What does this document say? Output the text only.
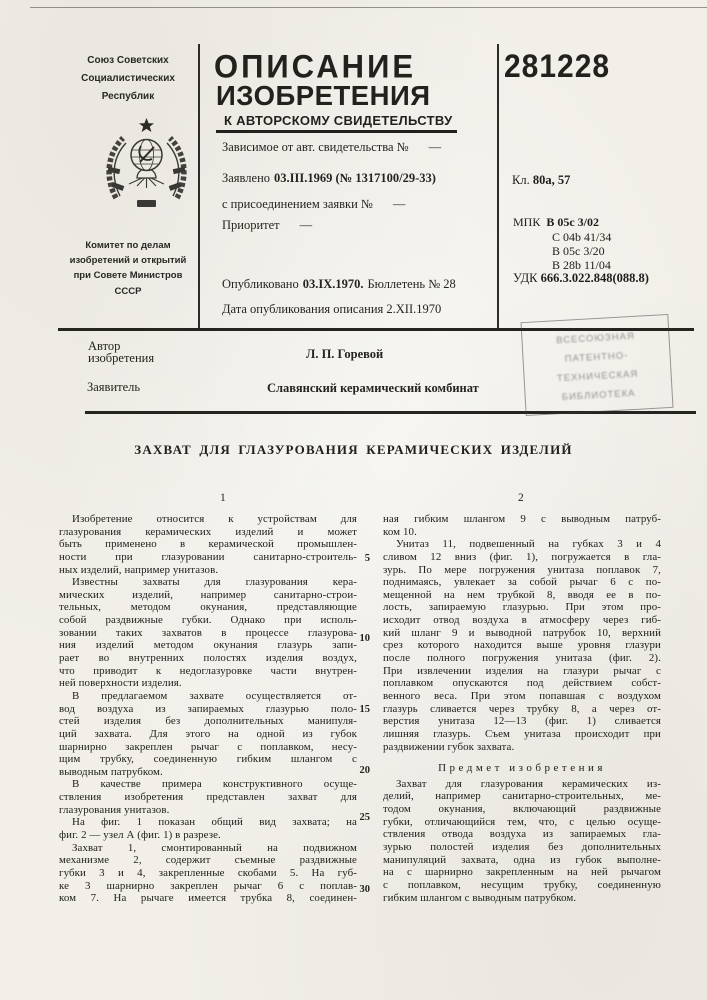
Союз Советских
Социалистических
Республик
Комитет по делам
изобретений и открытий
при Совете Министров
СССР
ОПИСАНИЕ
ИЗОБРЕТЕНИЯ
К АВТОРСКОМУ СВИДЕТЕЛЬСТВУ
Зависимое от авт. свидетельства № —
Заявлено 03.III.1969 (№ 1317100/29-33)
с присоединением заявки № —
Приоритет —
Опубликовано 03.IX.1970. Бюллетень № 28
Дата опубликования описания 2.XII.1970
281228
Кл. 80а, 57
МПК В 05с 3/02
С 04b 41/34
В 05с 3/20
В 28b 11/04
УДК 666.3.022.848(088.8)
Автор
изобретения	Л. П. Горевой
Заявитель	Славянский керамический комбинат
ВСЕСОЮЗНАЯ
ПАТЕНТНО-
ТЕХНИЧЕСКАЯ
БИБЛИОТЕКА
ЗАХВАТ ДЛЯ ГЛАЗУРОВАНИЯ КЕРАМИЧЕСКИХ ИЗДЕЛИЙ
1	2
5
10
15
20
25
30
Изобретение относится к устройствам для
глазурования керамических изделий и может
быть применено в керамической промышлен-
ности при глазуровании санитарно-строитель-
ных изделий, например унитазов.
Известны захваты для глазурования кера-
мических изделий, например санитарно-строи-
тельных, методом окунания, представляющие
собой раздвижные губки. Однако при исполь-
зовании таких захватов в процессе глазурова-
ния изделий методом окунания глазурь запи-
рает во внутренних полостях изделия воздух,
что приводит к недоглазуровке части внутрен-
ней поверхности изделия.
В предлагаемом захвате осуществляется от-
вод воздуха из запираемых глазурью поло-
стей изделия без дополнительных манипуля-
ций захвата. Для этого на одной из губок
шарнирно закреплен рычаг с поплавком, несу-
щим трубку, соединенную гибким шлангом с
выводным патрубком.
В качестве примера конструктивного осуще-
ствления изобретения представлен захват для
глазурования унитазов.
На фиг. 1 показан общий вид захвата; на
фиг. 2 — узел А (фиг. 1) в разрезе.
Захват 1, смонтированный на подвижном
механизме 2, содержит съемные раздвижные
губки 3 и 4, закрепленные скобами 5. На губ-
ке 3 шарнирно закреплен рычаг 6 с поплав-
ком 7. На рычаге имеется трубка 8, соединен-
ная гибким шлангом 9 с выводным патруб-
ком 10.
Унитаз 11, подвешенный на губках 3 и 4
сливом 12 вниз (фиг. 1), погружается в гла-
зурь. По мере погружения унитаза поплавок 7,
поднимаясь, увлекает за собой рычаг 6 с по-
мещенной на нем трубкой 8, вводя ее в по-
лость, запираемую глазурью. При этом про-
исходит отвод воздуха в атмосферу через гиб-
кий шланг 9 и выводной патрубок 10, верхний
срез которого находится выше уровня глазури
после полного погружения унитаза (фиг. 2).
При извлечении изделия на глазури рычаг с
поплавком опускаются под действием собст-
венного веса. При этом попавшая с воздухом
глазурь сливается через трубку 8, а через от-
верстия унитаза 12—13 (фиг. 1) сливается
лишняя глазурь. Съем унитаза происходит при
раздвижении губок захвата.
Предмет изобретения
Захват для глазурования керамических из-
делий, например санитарно-строительных, ме-
тодом окунания, включающий раздвижные
губки, отличающийся тем, что, с целью осуще-
ствления отвода воздуха из запираемых гла-
зурью полостей изделия без дополнительных
манипуляций захвата, одна из губок выполне-
на с шарнирно закрепленным на ней рычагом
с поплавком, несущим трубку, соединенную
гибким шлангом с выводным патрубком.
